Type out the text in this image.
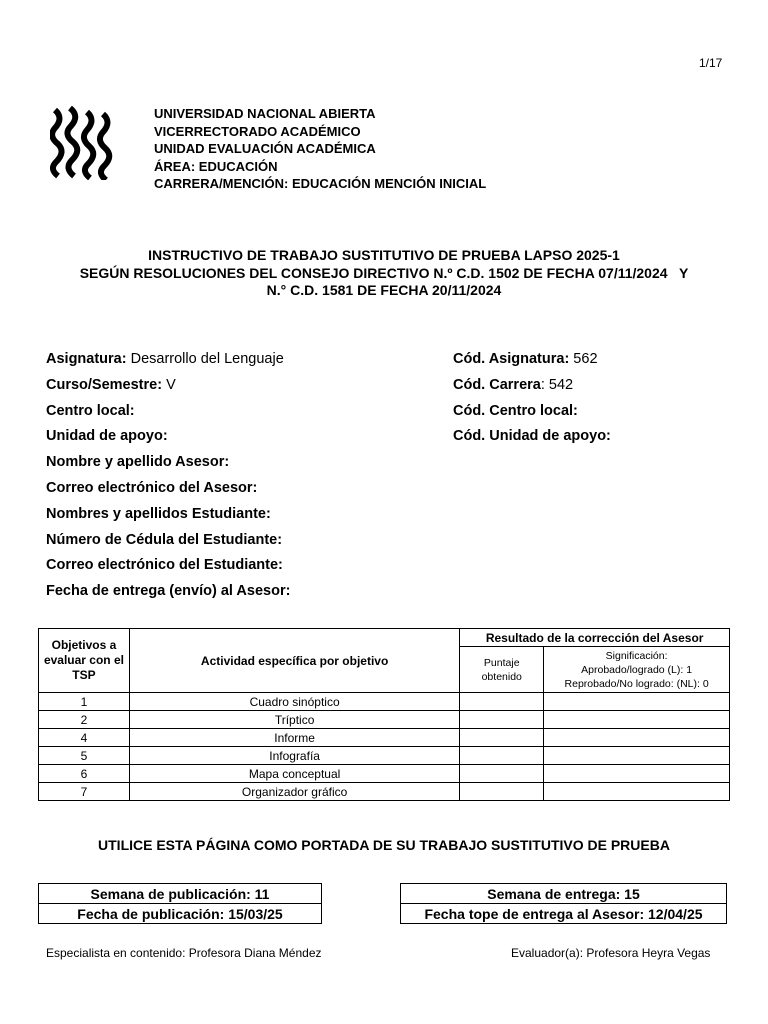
1/17
UNIVERSIDAD NACIONAL ABIERTA
VICERRECTORADO ACADÉMICO
UNIDAD EVALUACIÓN ACADÉMICA
ÁREA: EDUCACIÓN
CARRERA/MENCIÓN: EDUCACIÓN MENCIÓN INICIAL
INSTRUCTIVO DE TRABAJO SUSTITUTIVO DE PRUEBA LAPSO 2025-1
SEGÚN RESOLUCIONES DEL CONSEJO DIRECTIVO N.º C.D. 1502 DE FECHA 07/11/2024   Y
N.° C.D. 1581 DE FECHA 20/11/2024
Asignatura: Desarrollo del Lenguaje
Curso/Semestre: V
Centro local:
Unidad de apoyo:
Nombre y apellido Asesor:
Correo electrónico del Asesor:
Nombres y apellidos Estudiante:
Número de Cédula del Estudiante:
Correo electrónico del Estudiante:
Fecha de entrega (envío) al Asesor:
Cód. Asignatura: 562
Cód. Carrera: 542
Cód. Centro local:
Cód. Unidad de apoyo:
Objetivos a evaluar con el TSP	Actividad específica por objetivo	Resultado de la corrección del Asesor	
		Puntaje obtenido	Significación:
Aprobado/logrado (L): 1
Reprobado/No logrado: (NL): 0

1	Cuadro sinóptico		
2	Tríptico		
4	Informe		
5	Infografía		
6	Mapa conceptual		
7	Organizador gráfico		
UTILICE ESTA PÁGINA COMO PORTADA DE SU TRABAJO SUSTITUTIVO DE PRUEBA
Semana de publicación: 11
Fecha de publicación: 15/03/25
Semana de entrega: 15
Fecha tope de entrega al Asesor: 12/04/25
Especialista en contenido: Profesora Diana Méndez	Evaluador(a): Profesora Heyra Vegas
